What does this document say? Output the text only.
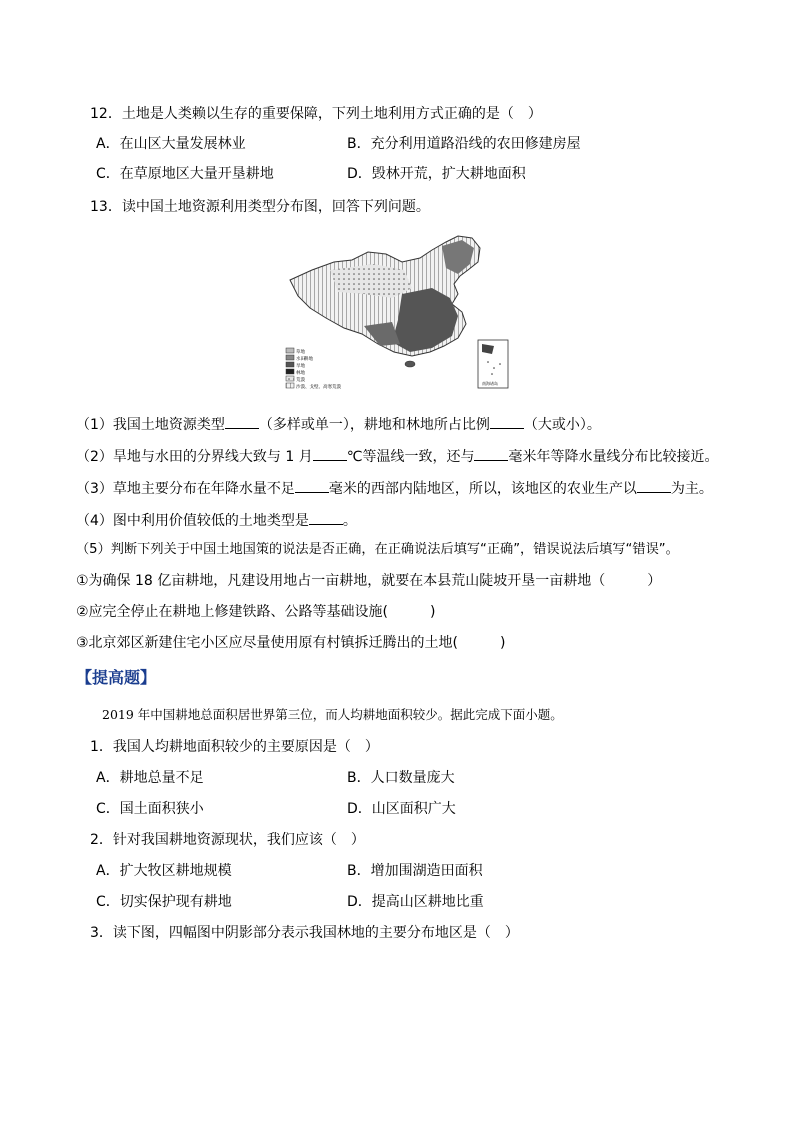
12．土地是人类赖以生存的重要保障，下列土地利用方式正确的是（　）
A．在山区大量发展林业	B．充分利用道路沿线的农田修建房屋
C．在草原地区大量开垦耕地	D．毁林开荒，扩大耕地面积
13．读中国土地资源利用类型分布图，回答下列问题。
草地
水田 耕地
旱地
林地
荒漠
沙漠、戈壁、高寒荒漠
南海诸岛
（1）我国土地资源类型 （多样或单一），耕地和林地所占比例 （大或小）。
（2）旱地与水田的分界线大致与 1 月 ℃等温线一致，还与 毫米年等降水量线分布比较接近。
（3）草地主要分布在年降水量不足 毫米的西部内陆地区，所以，该地区的农业生产以 为主。
（4）图中利用价值较低的土地类型是 。
（5）判断下列关于中国土地国策的说法是否正确，在正确说法后填写“正确”，错误说法后填写“错误”。
①为确保 18 亿亩耕地，凡建设用地占一亩耕地，就要在本县荒山陡坡开垦一亩耕地（　　　）
②应完全停止在耕地上修建铁路、公路等基础设施(　　　)
③北京郊区新建住宅小区应尽量使用原有村镇拆迁腾出的土地(　　　)
【提高题】
2019 年中国耕地总面积居世界第三位，而人均耕地面积较少。据此完成下面小题。
1．我国人均耕地面积较少的主要原因是（　）
A．耕地总量不足	B．人口数量庞大
C．国土面积狭小	D．山区面积广大
2．针对我国耕地资源现状，我们应该（　）
A．扩大牧区耕地规模	B．增加围湖造田面积
C．切实保护现有耕地	D．提高山区耕地比重
3．读下图，四幅图中阴影部分表示我国林地的主要分布地区是（　）
